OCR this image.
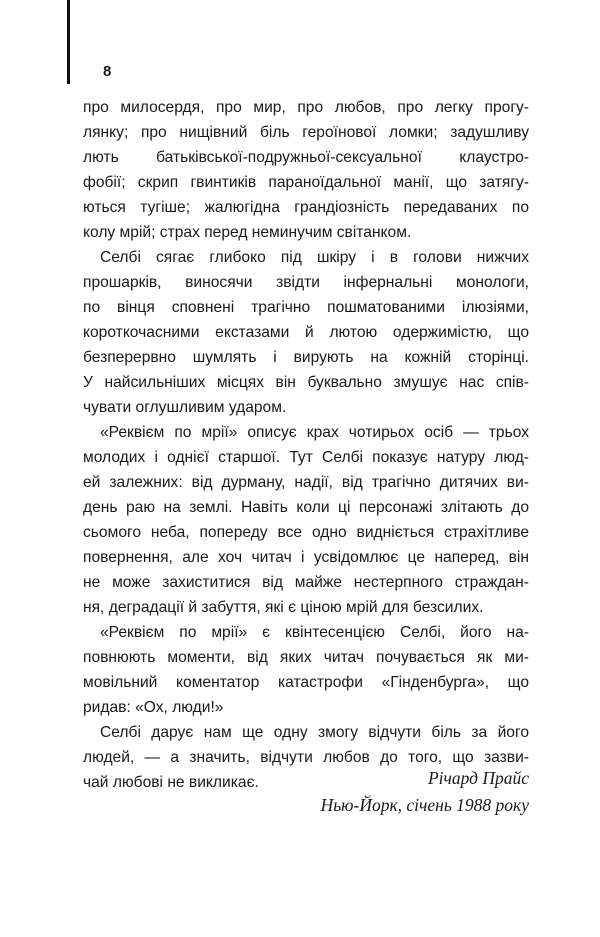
8

про милосердя, про мир, про любов, про легку прогу-
лянку; про нищівний біль героїнової ломки; задушливу
лють батьківської-подружньої-сексуальної клаустро-
фобії; скрип гвинтиків параноїдальної манії, що затягу-
ються тугіше; жалюгідна грандіозність передаваних по
колу мрій; страх перед неминучим світанком.

Селбі сягає глибоко під шкіру і в голови нижчих
прошарків, виносячи звідти інфернальні монологи,
по вінця сповнені трагічно пошматованими ілюзіями,
короткочасними екстазами й лютою одержимістю, що
безперервно шумлять і вирують на кожній сторінці.
У найсильніших місцях він буквально змушує нас спів-
чувати оглушливим ударом.

«Реквієм по мрії» описує крах чотирьох осіб — трьох
молодих і однієї старшої. Тут Селбі показує натуру люд-
ей залежних: від дурману, надії, від трагічно дитячих ви-
день раю на землі. Навіть коли ці персонажі злітають до
сьомого неба, попереду все одно видніється страхітливе
повернення, але хоч читач і усвідомлює це наперед, він
не може захиститися від майже нестерпного страждан-
ня, деградації й забуття, які є ціною мрій для безсилих.

«Реквієм по мрії» є квінтесенцією Селбі, його на-
повнюють моменти, від яких читач почувається як ми-
мовільний коментатор катастрофи «Гінденбурга», що
ридав: «Ох, люди!»

Селбі дарує нам ще одну змогу відчути біль за його
людей, — а значить, відчути любов до того, що зазви-
чай любові не викликає.	Річард Прайс
Нью-Йорк, січень 1988 року
